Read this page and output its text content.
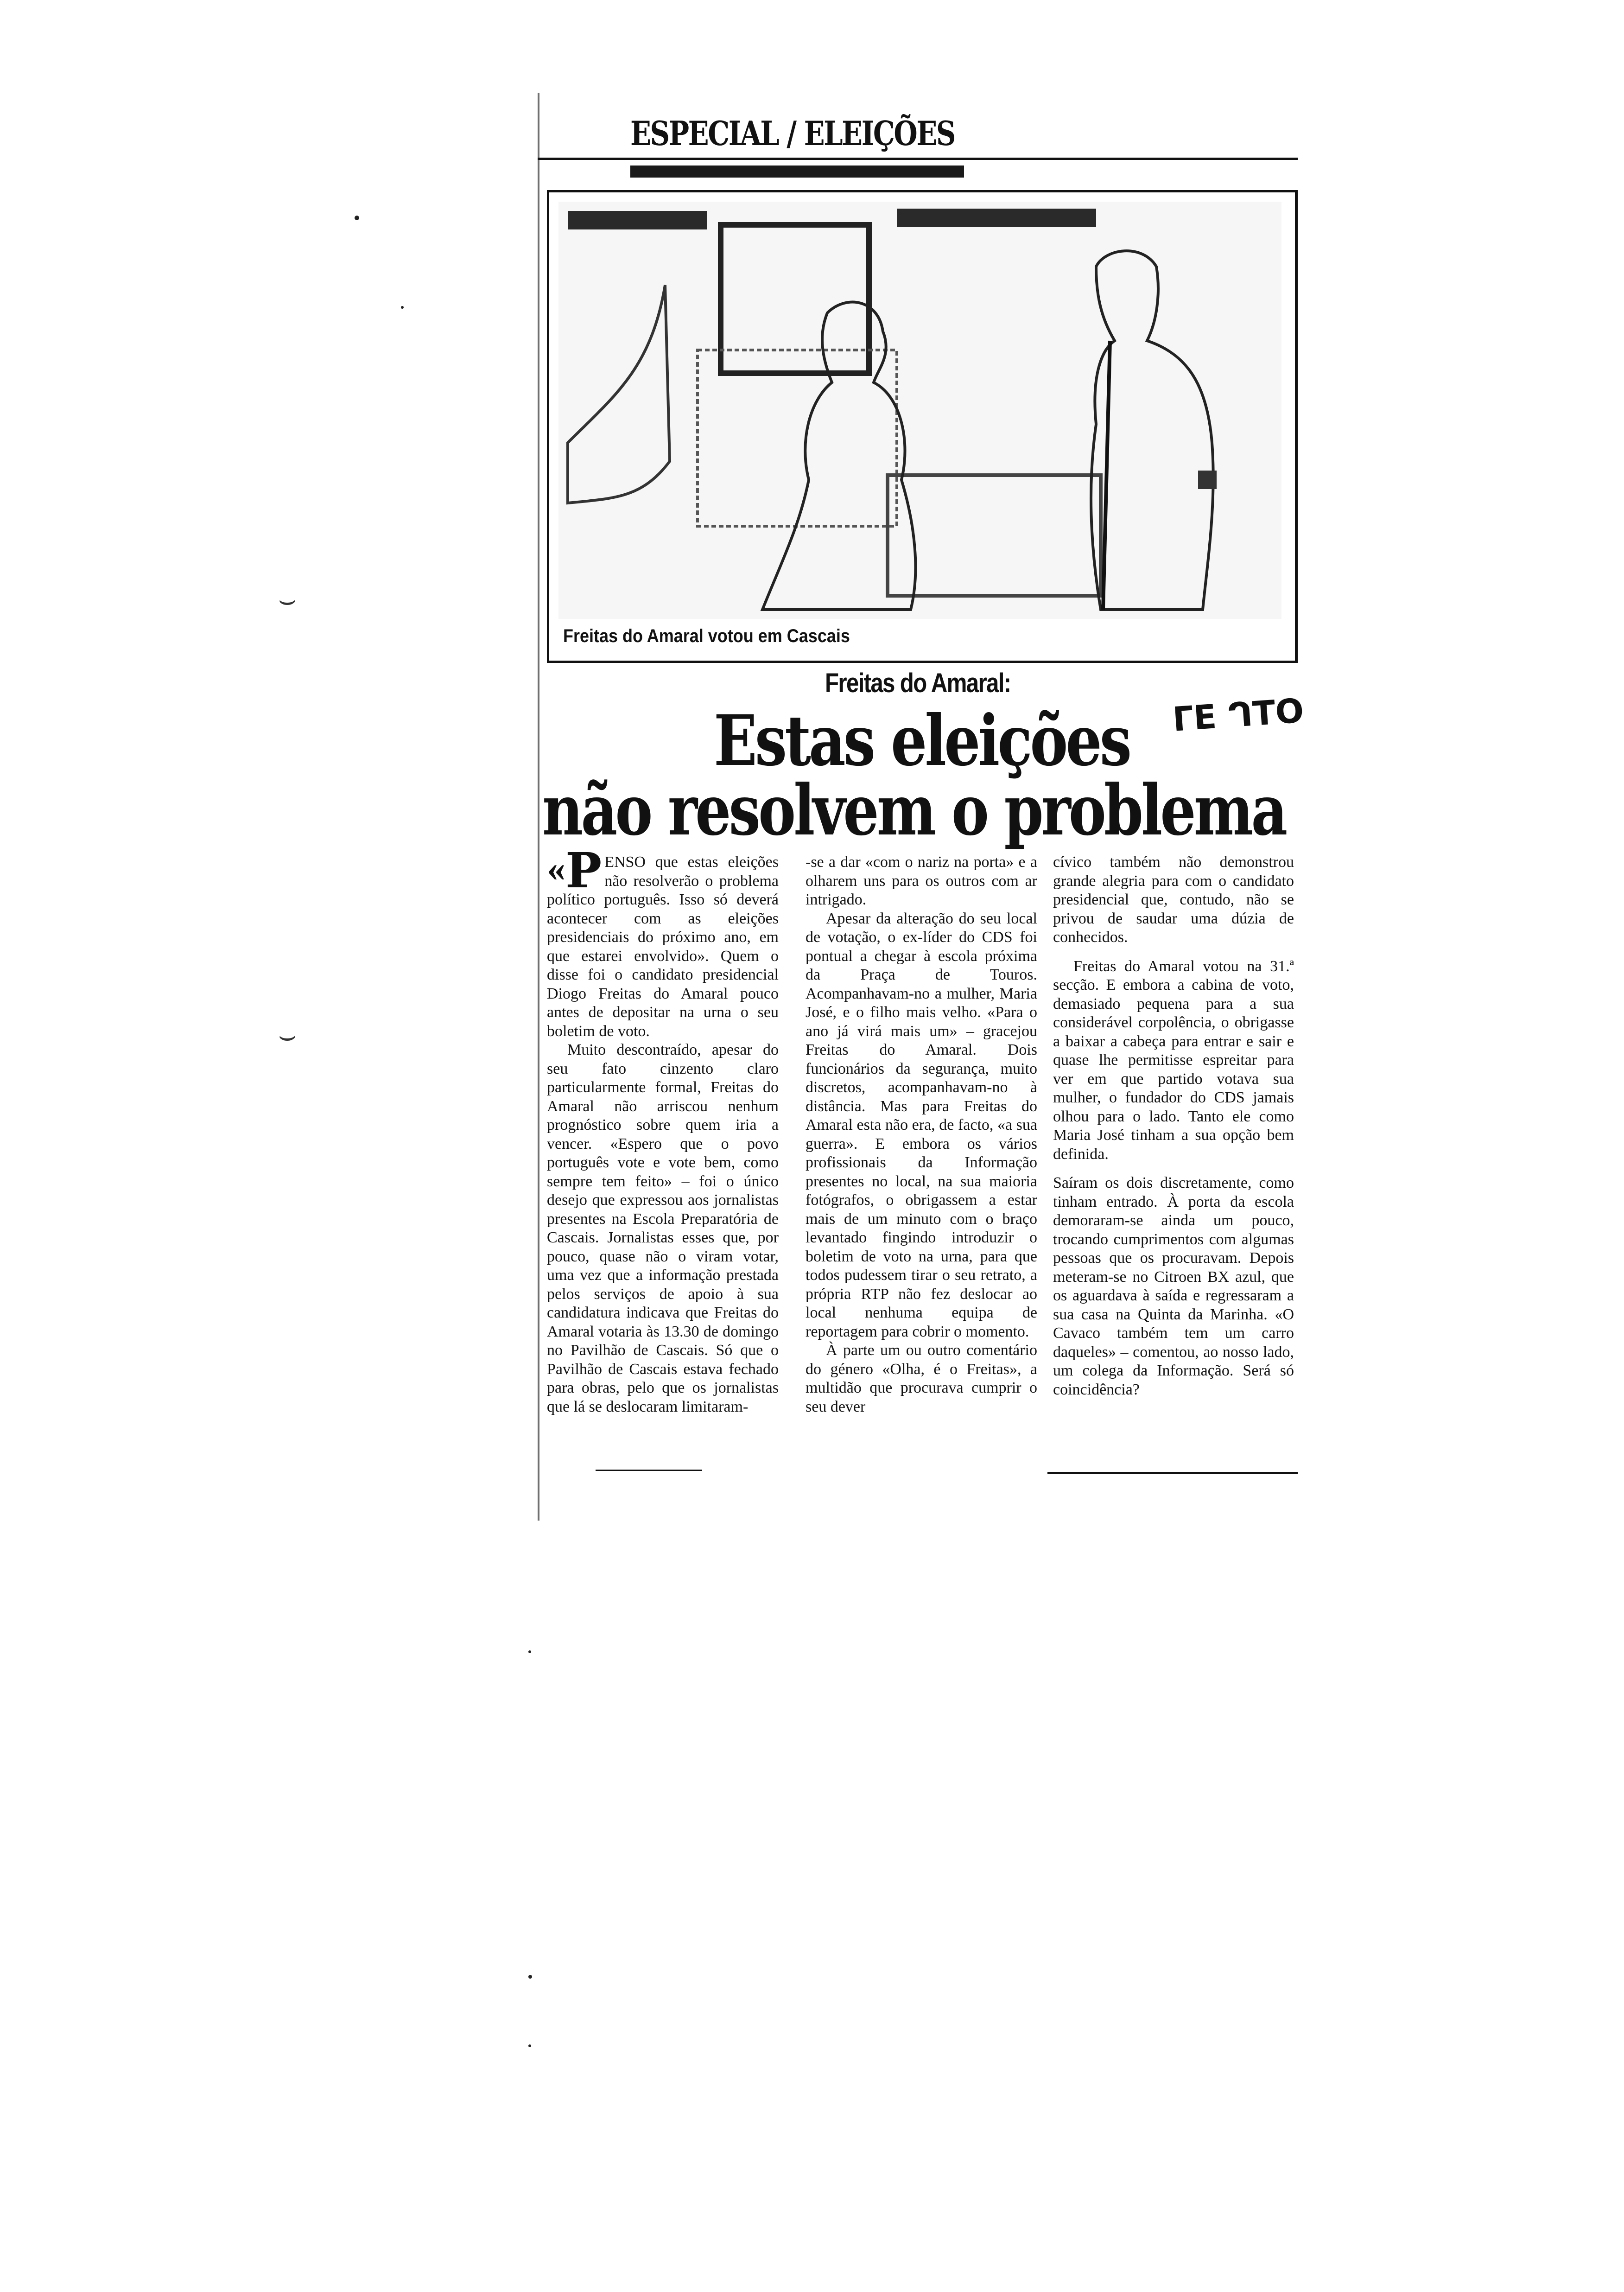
⌣
⌣
ESPECIAL / ELEIÇÕES
Freitas do Amaral votou em Cascais
Freitas do Amaral:
Estas eleições	ᒥE ᒉTO
não resolvem o problema

« P ENSO que estas eleições não resolverão o problema político português. Isso só deverá acontecer com as eleições presidenciais do próximo ano, em que estarei envolvido». Quem o disse foi o candidato presidencial Diogo Freitas do Amaral pouco antes de depositar na urna o seu boletim de voto.

Muito descontraído, apesar do seu fato cinzento claro particularmente formal, Freitas do Amaral não arriscou nenhum prognóstico sobre quem iria a vencer. «Espero que o povo português vote e vote bem, como sempre tem feito» – foi o único desejo que expressou aos jornalistas presentes na Escola Preparatória de Cascais. Jornalistas esses que, por pouco, quase não o viram votar, uma vez que a informação prestada pelos serviços de apoio à sua candidatura indicava que Freitas do Amaral votaria às 13.30 de domingo no Pavilhão de Cascais. Só que o Pavilhão de Cascais estava fechado para obras, pelo que os jornalistas que lá se deslocaram limitaram-

-se a dar «com o nariz na porta» e a olharem uns para os outros com ar intrigado.

Apesar da alteração do seu local de votação, o ex-líder do CDS foi pontual a chegar à escola próxima da Praça de Touros. Acompanhavam-no a mulher, Maria José, e o filho mais velho. «Para o ano já virá mais um» – gracejou Freitas do Amaral. Dois funcionários da segurança, muito discretos, acompanhavam-no à distância. Mas para Freitas do Amaral esta não era, de facto, «a sua guerra». E embora os vários profissionais da Informação presentes no local, na sua maioria fotógrafos, o obrigassem a estar mais de um minuto com o braço levantado fingindo introduzir o boletim de voto na urna, para que todos pudessem tirar o seu retrato, a própria RTP não fez deslocar ao local nenhuma equipa de reportagem para cobrir o momento.

À parte um ou outro comentário do género «Olha, é o Freitas», a multidão que procurava cumprir o seu dever

cívico também não demonstrou grande alegria para com o candidato presidencial que, contudo, não se privou de saudar uma dúzia de conhecidos.

Freitas do Amaral votou na 31.ª secção. E embora a cabina de voto, demasiado pequena para a sua considerável corpolência, o obrigasse a baixar a cabeça para entrar e sair e quase lhe permitisse espreitar para ver em que partido votava sua mulher, o fundador do CDS jamais olhou para o lado. Tanto ele como Maria José tinham a sua opção bem definida.

Saíram os dois discretamente, como tinham entrado. À porta da escola demoraram-se ainda um pouco, trocando cumprimentos com algumas pessoas que os procuravam. Depois meteram-se no Citroen BX azul, que os aguardava à saída e regressaram a sua casa na Quinta da Marinha. «O Cavaco também tem um carro daqueles» – comentou, ao nosso lado, um colega da Informação. Será só coincidência?
